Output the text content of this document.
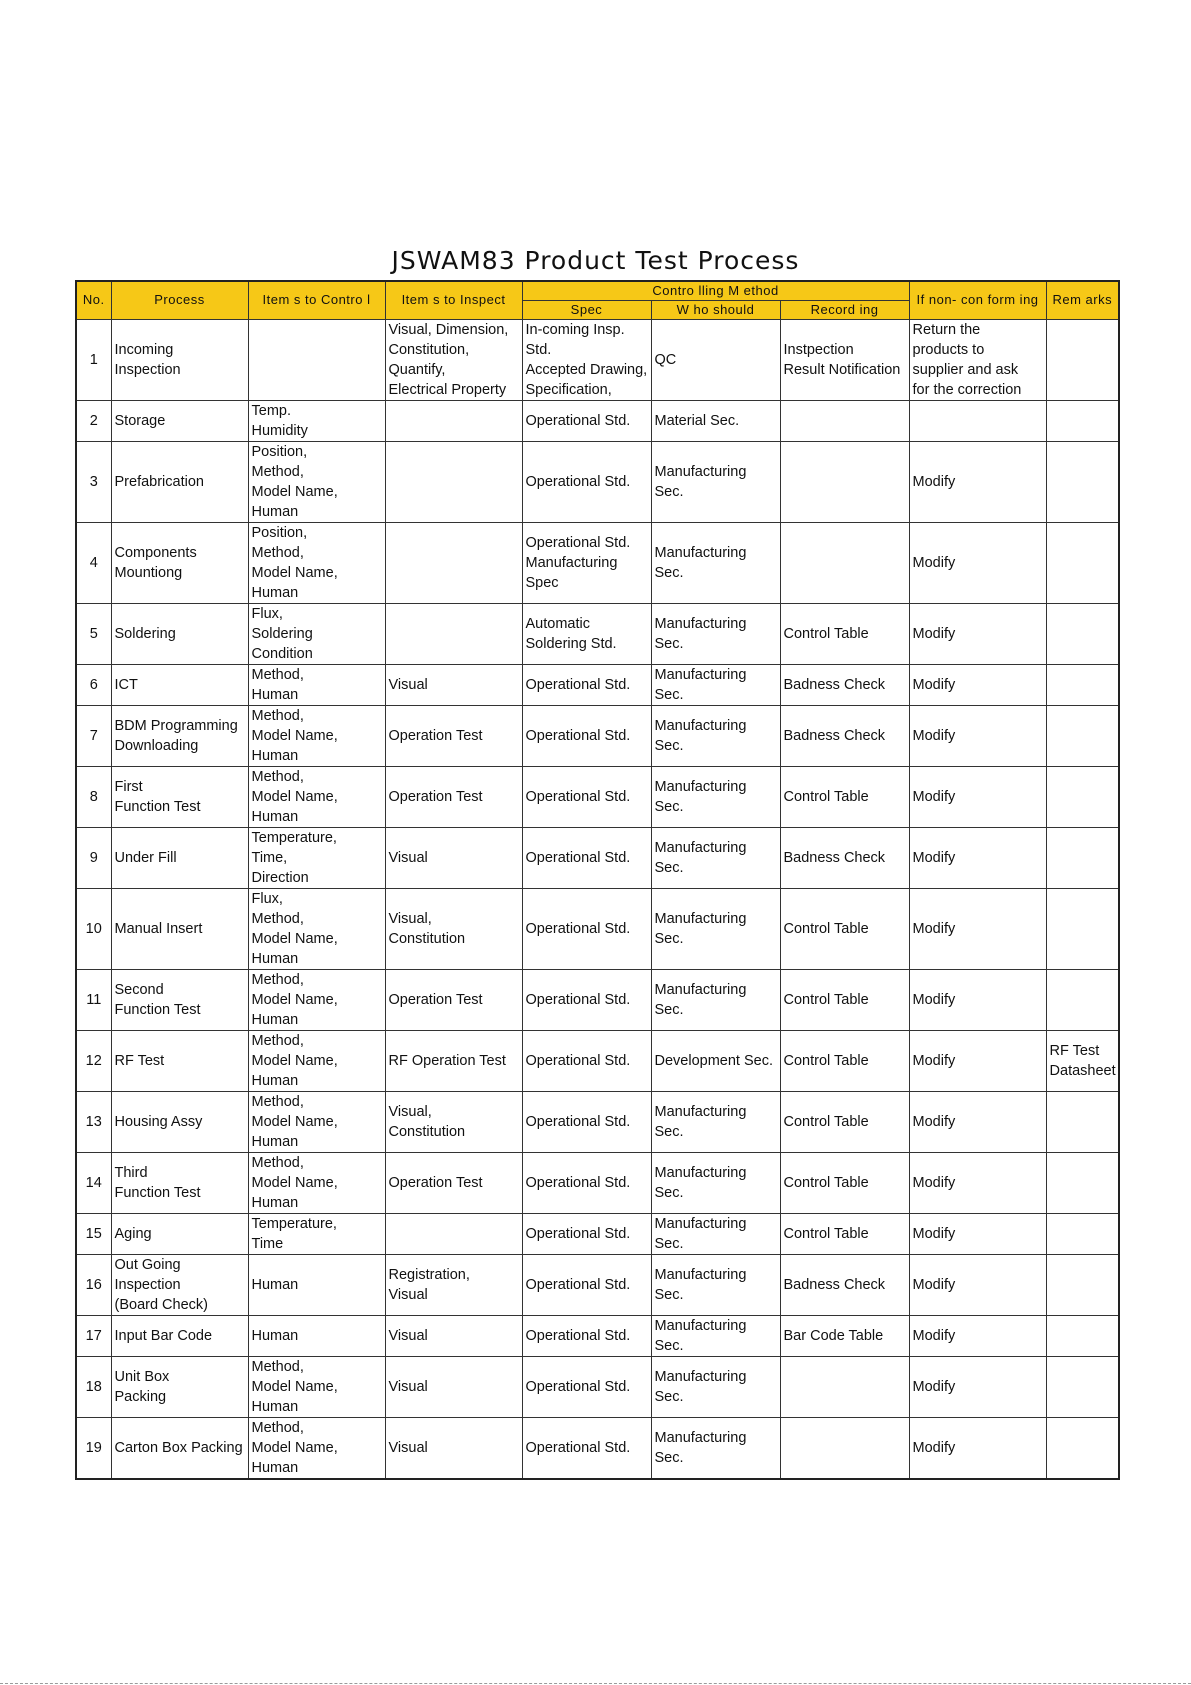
JSWAM83 Product Test Process
No.	Process	Item s to Contro l	Item s to Inspect	Contro lling M ethod			If non- con form ing	Rem arks
				Spec	W ho should	Record ing		
1	Incoming
Inspection		Visual, Dimension,
Constitution,
Quantify,
Electrical Property	In-coming Insp.
Std.
Accepted Drawing,
Specification,	QC	Instpection
Result Notification	Return the
products to
supplier and ask
for the correction	
2	Storage	Temp.
Humidity		Operational Std.	Material Sec.			
3	Prefabrication	Position,
Method,
Model Name,
Human		Operational Std.	Manufacturing Sec.		Modify	
4	Components
Mountiong	Position,
Method,
Model Name,
Human		Operational Std.
Manufacturing Spec	Manufacturing Sec.		Modify	
5	Soldering	Flux,
Soldering
Condition		Automatic
Soldering Std.	Manufacturing Sec.	Control Table	Modify	
6	ICT	Method,
Human	Visual	Operational Std.	Manufacturing Sec.	Badness Check	Modify	
7	BDM Programming
Downloading	Method,
Model Name,
Human	Operation Test	Operational Std.	Manufacturing Sec.	Badness Check	Modify	
8	First
Function Test	Method,
Model Name,
Human	Operation Test	Operational Std.	Manufacturing Sec.	Control Table	Modify	
9	Under Fill	Temperature,
Time,
Direction	Visual	Operational Std.	Manufacturing Sec.	Badness Check	Modify	
10	Manual Insert	Flux,
Method,
Model Name,
Human	Visual,
Constitution	Operational Std.	Manufacturing Sec.	Control Table	Modify	
11	Second
Function Test	Method,
Model Name,
Human	Operation Test	Operational Std.	Manufacturing Sec.	Control Table	Modify	
12	RF Test	Method,
Model Name,
Human	RF Operation Test	Operational Std.	Development Sec.	Control Table	Modify	RF Test
Datasheet
13	Housing Assy	Method,
Model Name,
Human	Visual,
Constitution	Operational Std.	Manufacturing Sec.	Control Table	Modify	
14	Third
Function Test	Method,
Model Name,
Human	Operation Test	Operational Std.	Manufacturing Sec.	Control Table	Modify	
15	Aging	Temperature,
Time		Operational Std.	Manufacturing Sec.	Control Table	Modify	
16	Out Going Inspection
(Board Check)	Human	Registration,
Visual	Operational Std.	Manufacturing Sec.	Badness Check	Modify	
17	Input Bar Code	Human	Visual	Operational Std.	Manufacturing Sec.	Bar Code Table	Modify	
18	Unit Box
Packing	Method,
Model Name,
Human	Visual	Operational Std.	Manufacturing Sec.		Modify	
19	Carton Box Packing	Method,
Model Name,
Human	Visual	Operational Std.	Manufacturing Sec.		Modify	
